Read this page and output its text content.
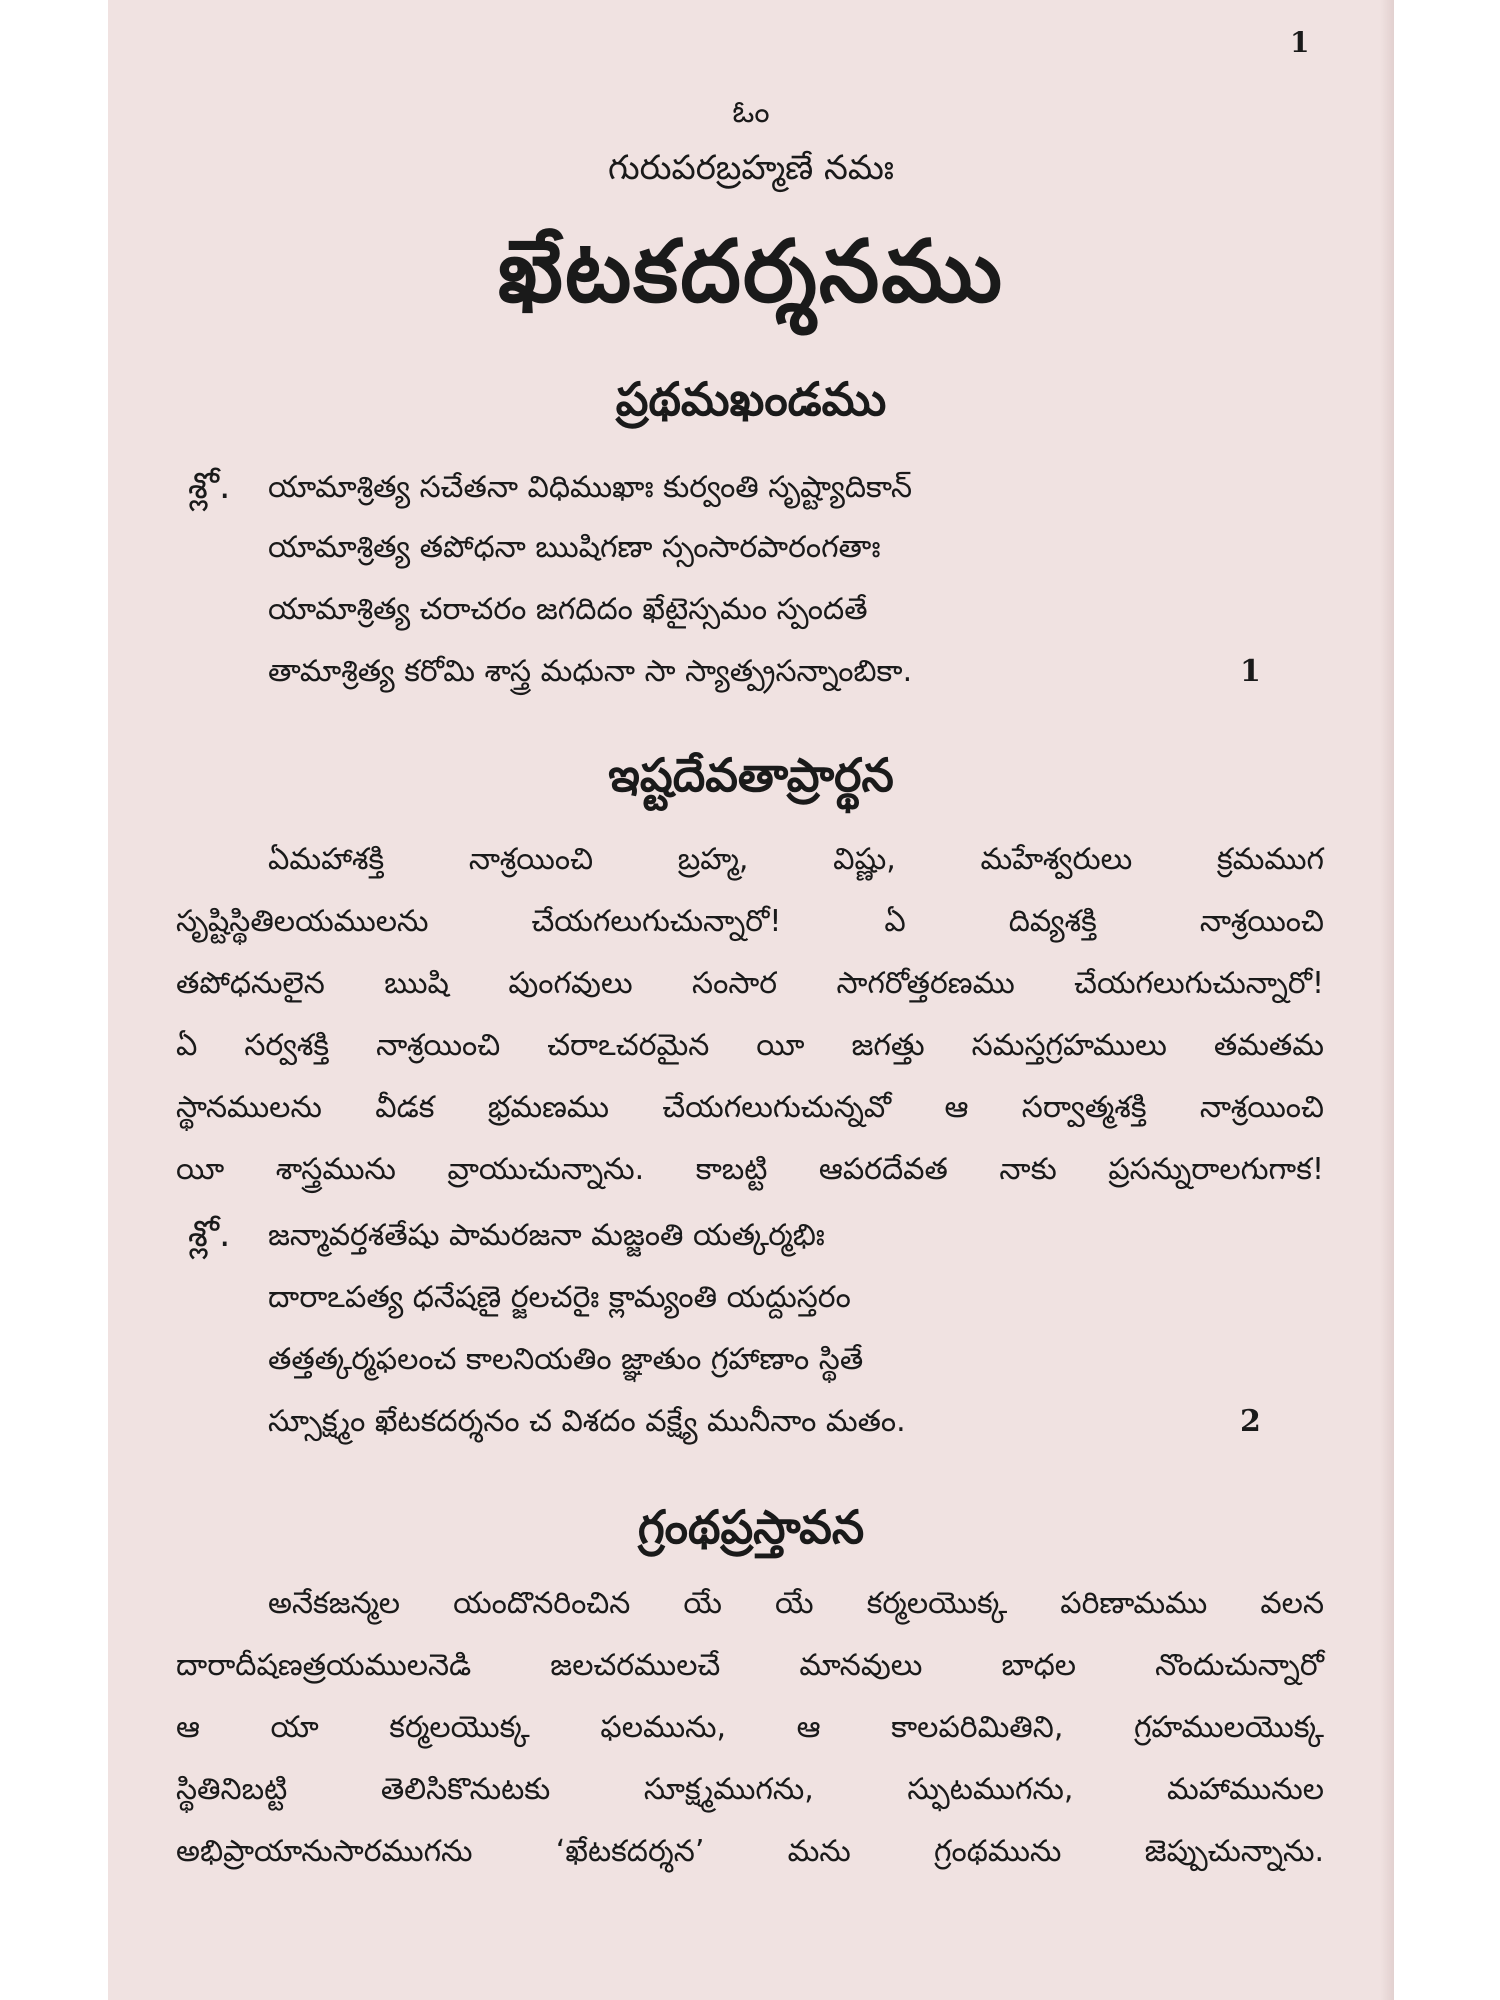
1
ఓం
గురుపరబ్రహ్మణే నమః
ఖేటకదర్శనము
ప్రథమఖండము
శ్లో. యామాశ్రిత్య సచేతనా విధిముఖాః కుర్వంతి సృష్ట్యాదికాన్
యామాశ్రిత్య తపోధనా ఋషిగణా స్సంసారపారంగతాః
యామాశ్రిత్య చరాచరం జగదిదం ఖేటైస్సమం స్పందతే
తామాశ్రిత్య కరోమి శాస్త్ర మధునా సా స్యాత్ప్రసన్నాంబికా.	1
ఇష్టదేవతాప్రార్థన
ఏమహాశక్తి నాశ్రయించి బ్రహ్మ, విష్ణు, మహేశ్వరులు క్రమముగ
సృష్టిస్థితిలయములను చేయగలుగుచున్నారో! ఏ దివ్యశక్తి నాశ్రయించి
తపోధనులైన ఋషి పుంగవులు సంసార సాగరోత్తరణము చేయగలుగుచున్నారో!
ఏ సర్వశక్తి నాశ్రయించి చరాఽచరమైన యీ జగత్తు సమస్తగ్రహములు తమతమ
స్థానములను వీడక భ్రమణము చేయగలుగుచున్నవో ఆ సర్వాత్మశక్తి నాశ్రయించి
యీ శాస్త్రమును వ్రాయుచున్నాను. కాబట్టి ఆపరదేవత నాకు ప్రసన్నురాలగుగాక!
శ్లో. జన్మావర్తశతేషు పామరజనా మజ్జంతి యత్కర్మభిః
దారాఽపత్య ధనేషణై ర్జలచరైః క్లామ్యంతి యద్దుస్తరం
తత్తత్కర్మఫలంచ కాలనియతిం జ్ఞాతుం గ్రహాణాం స్థితే
స్సూక్ష్మం ఖేటకదర్శనం చ విశదం వక్ష్యే మునీనాం మతం.	2
గ్రంథప్రస్తావన
అనేకజన్మల యందొనరించిన యే యే కర్మలయొక్క పరిణామము వలన
దారాదీషణత్రయములనెడి జలచరములచే మానవులు బాధల నొందుచున్నారో
ఆ యా కర్మలయొక్క ఫలమును, ఆ కాలపరిమితిని, గ్రహములయొక్క
స్థితినిబట్టి తెలిసికొనుటకు సూక్ష్మముగను, స్ఫుటముగను, మహామునుల
అభిప్రాయానుసారముగను ‘ఖేటకదర్శన’ మను గ్రంథమును జెప్పుచున్నాను.
